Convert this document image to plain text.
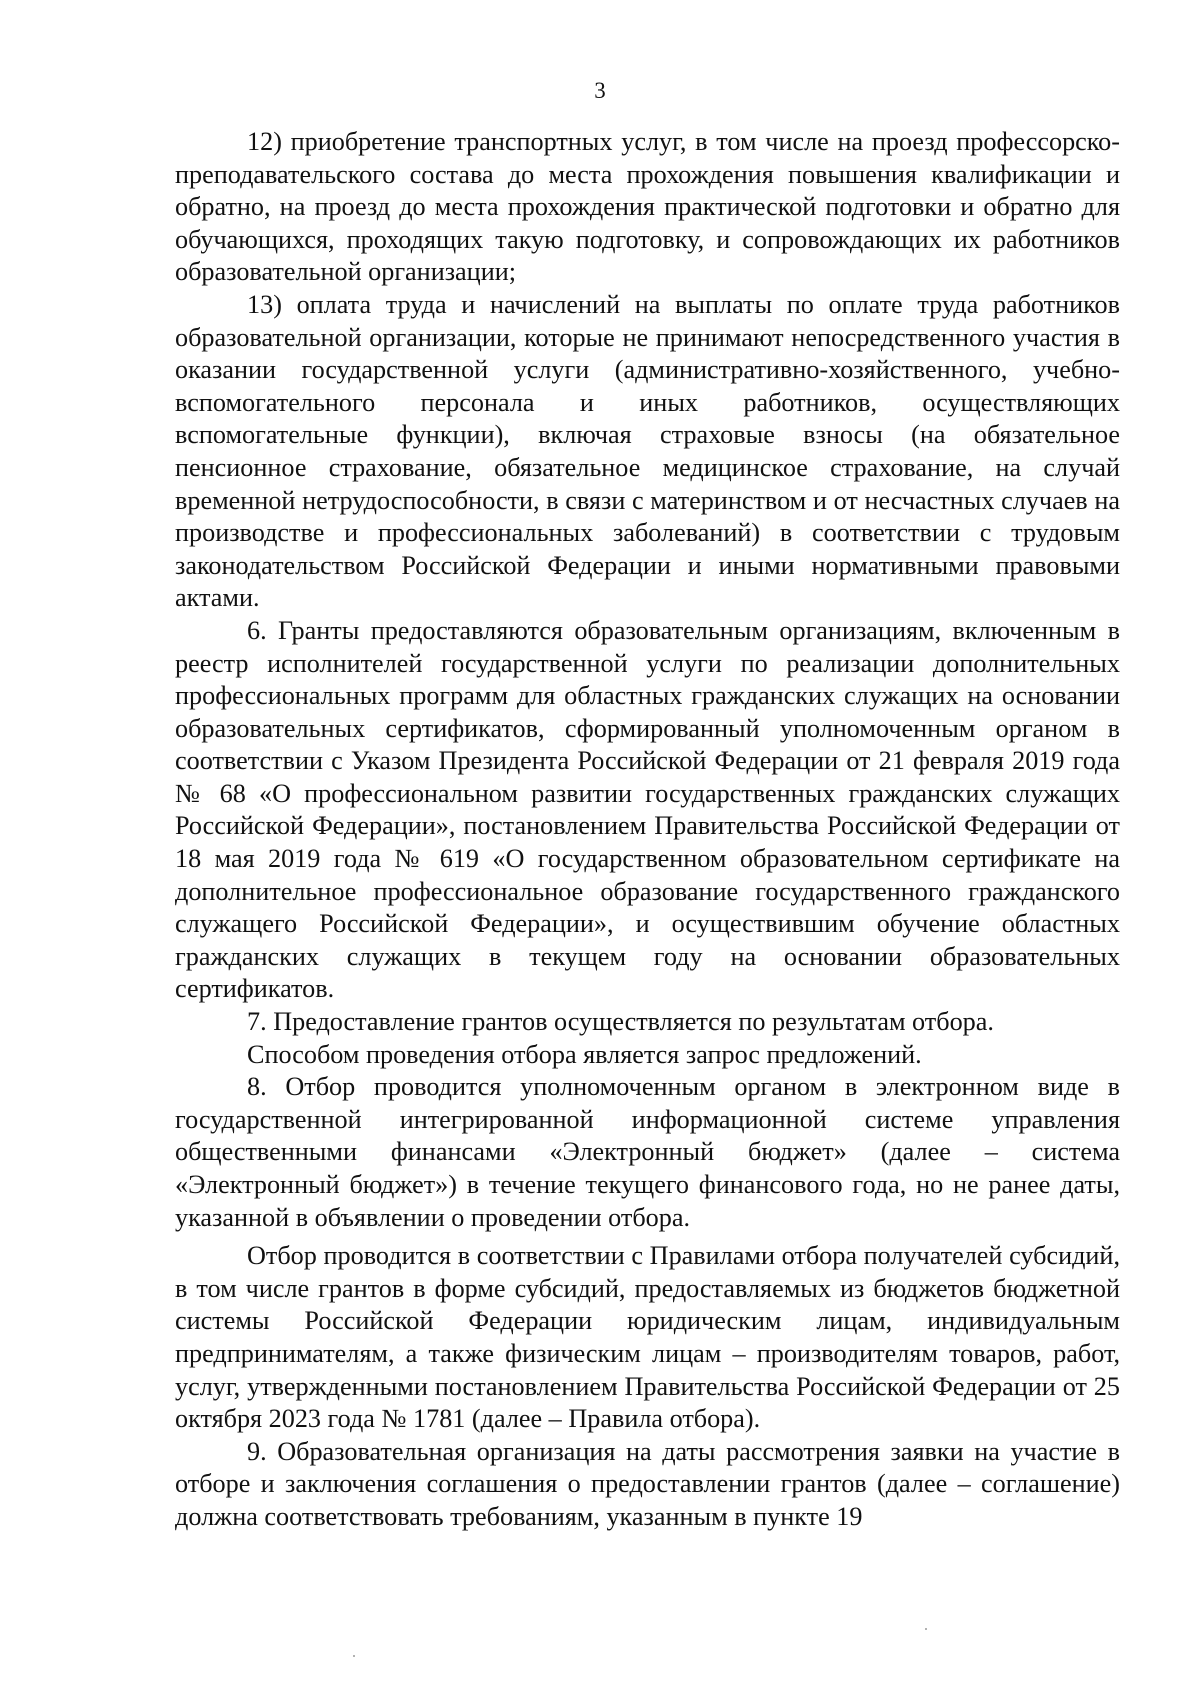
3

12) приобретение транспортных услуг, в том числе на проезд профессорско-преподавательского состава до места прохождения повышения квалификации и обратно, на проезд до места прохождения практической подготовки и обратно для обучающихся, проходящих такую подготовку, и сопровождающих их работников образовательной организации;

13) оплата труда и начислений на выплаты по оплате труда работников образовательной организации, которые не принимают непосредственного участия в оказании государственной услуги (административно-хозяйственного, учебно-вспомогательного персонала и иных работников, осуществляющих вспомогательные функции), включая страховые взносы (на обязательное пенсионное страхование, обязательное медицинское страхование, на случай временной нетрудоспособности, в связи с материнством и от несчастных случаев на производстве и профессиональных заболеваний) в соответствии с трудовым законодательством Российской Федерации и иными нормативными правовыми актами.

6. Гранты предоставляются образовательным организациям, включенным в реестр исполнителей государственной услуги по реализации дополнительных профессиональных программ для областных гражданских служащих на основании образовательных сертификатов, сформированный уполномоченным органом в соответствии с Указом Президента Российской Федерации от 21 февраля 2019 года № 68 «О профессиональном развитии государственных гражданских служащих Российской Федерации», постановлением Правительства Российской Федерации от 18 мая 2019 года № 619 «О государственном образовательном сертификате на дополнительное профессиональное образование государственного гражданского служащего Российской Федерации», и осуществившим обучение областных гражданских служащих в текущем году на основании образовательных сертификатов.

7. Предоставление грантов осуществляется по результатам отбора.

Способом проведения отбора является запрос предложений.

8. Отбор проводится уполномоченным органом в электронном виде в государственной интегрированной информационной системе управления общественными финансами «Электронный бюджет» (далее – система «Электронный бюджет») в течение текущего финансового года, но не ранее даты, указанной в объявлении о проведении отбора.

Отбор проводится в соответствии с Правилами отбора получателей субсидий, в том числе грантов в форме субсидий, предоставляемых из бюджетов бюджетной системы Российской Федерации юридическим лицам, индивидуальным предпринимателям, а также физическим лицам – производителям товаров, работ, услуг, утвержденными постановлением Правительства Российской Федерации от 25 октября 2023 года № 1781 (далее – Правила отбора).

9. Образовательная организация на даты рассмотрения заявки на участие в отборе и заключения соглашения о предоставлении грантов (далее – соглашение) должна соответствовать требованиям, указанным в пункте 19
